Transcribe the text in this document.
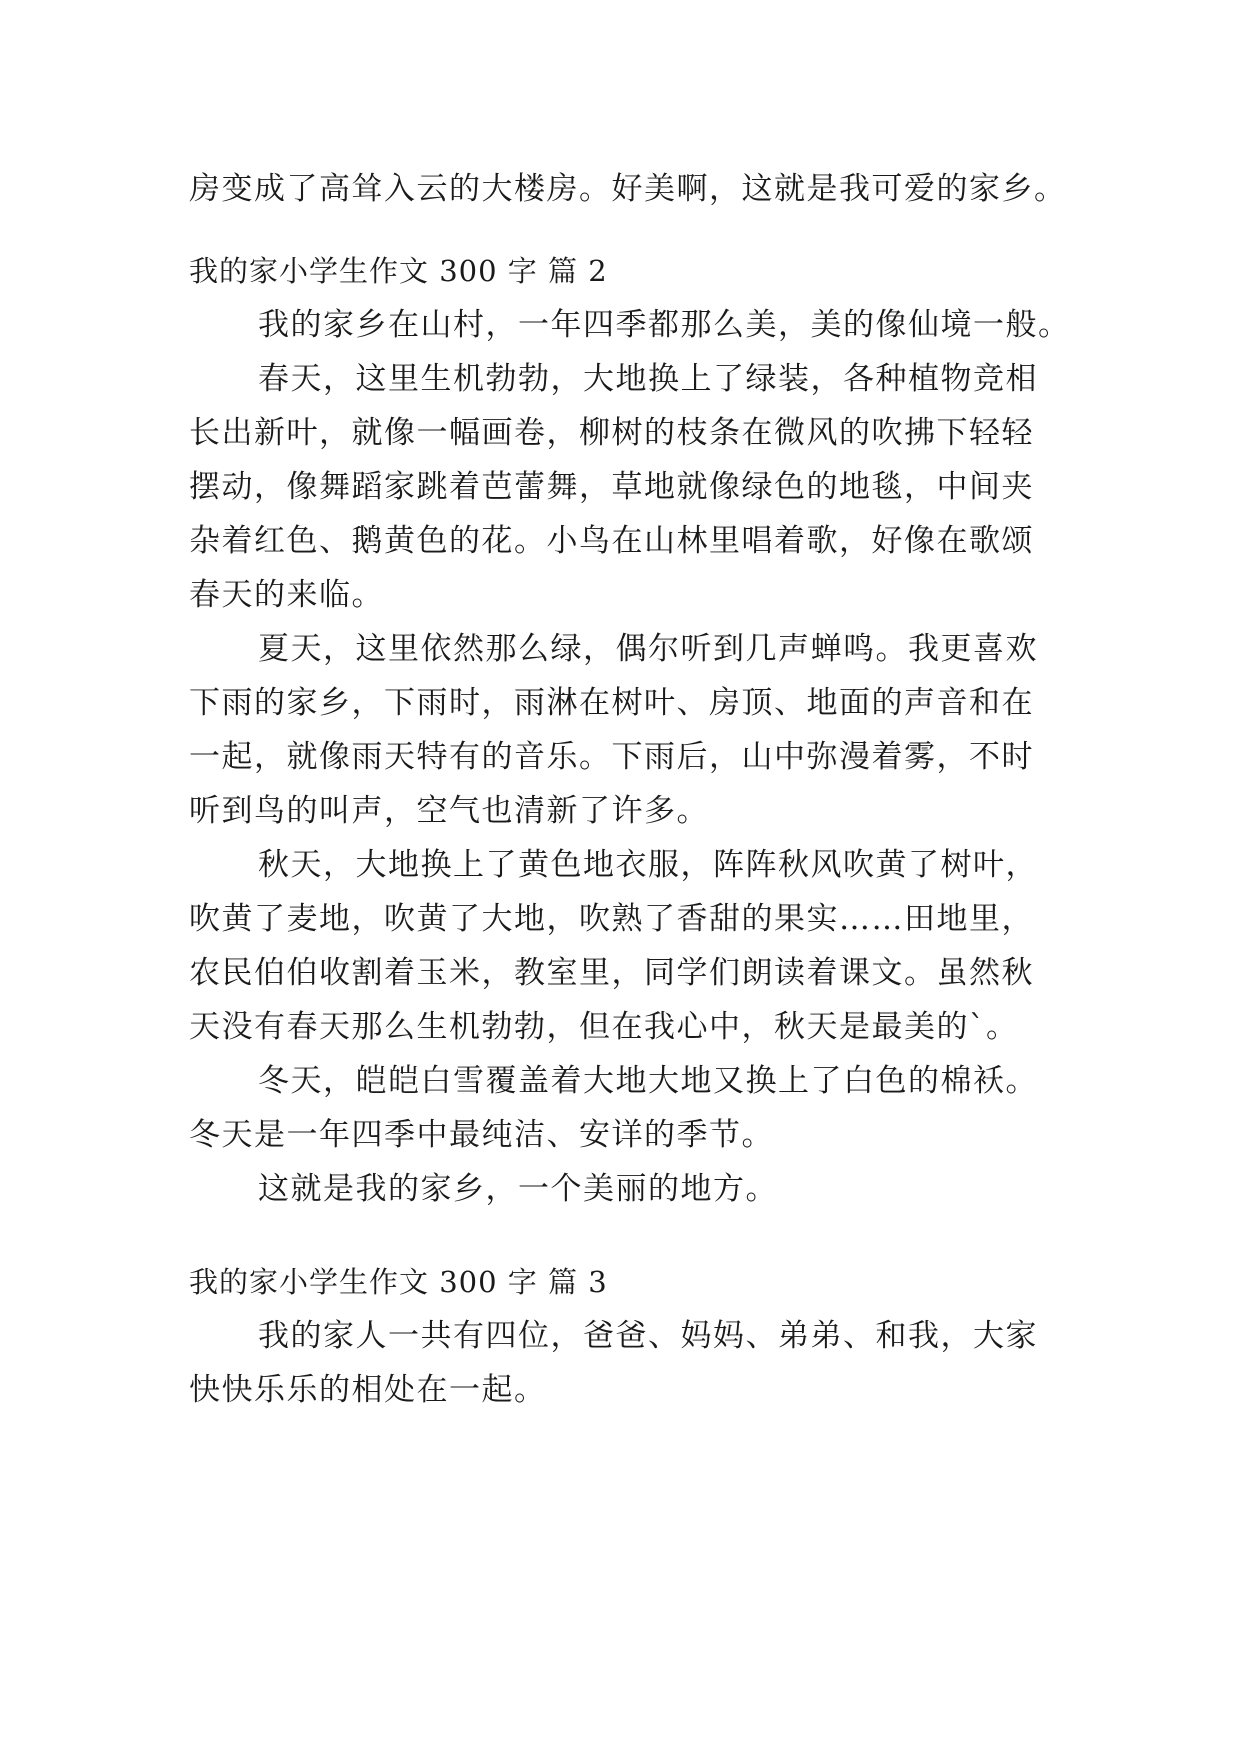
房变成了高耸入云的大楼房。好美啊，这就是我可爱的家乡。

我的家小学生作文 300 字 篇 2

我的家乡在山村，一年四季都那么美，美的像仙境一般。

春天，这里生机勃勃，大地换上了绿装，各种植物竞相

长出新叶，就像一幅画卷，柳树的枝条在微风的吹拂下轻轻

摆动，像舞蹈家跳着芭蕾舞，草地就像绿色的地毯，中间夹

杂着红色、鹅黄色的花。小鸟在山林里唱着歌，好像在歌颂

春天的来临。

夏天，这里依然那么绿，偶尔听到几声蝉鸣。我更喜欢

下雨的家乡，下雨时，雨淋在树叶、房顶、地面的声音和在

一起，就像雨天特有的音乐。下雨后，山中弥漫着雾，不时

听到鸟的叫声，空气也清新了许多。

秋天，大地换上了黄色地衣服，阵阵秋风吹黄了树叶，

吹黄了麦地，吹黄了大地，吹熟了香甜的果实……田地里，

农民伯伯收割着玉米，教室里，同学们朗读着课文。虽然秋

天没有春天那么生机勃勃，但在我心中，秋天是最美的`。

冬天，皑皑白雪覆盖着大地大地又换上了白色的棉袄。

冬天是一年四季中最纯洁、安详的季节。

这就是我的家乡，一个美丽的地方。

我的家小学生作文 300 字 篇 3

我的家人一共有四位，爸爸、妈妈、弟弟、和我，大家

快快乐乐的相处在一起。
